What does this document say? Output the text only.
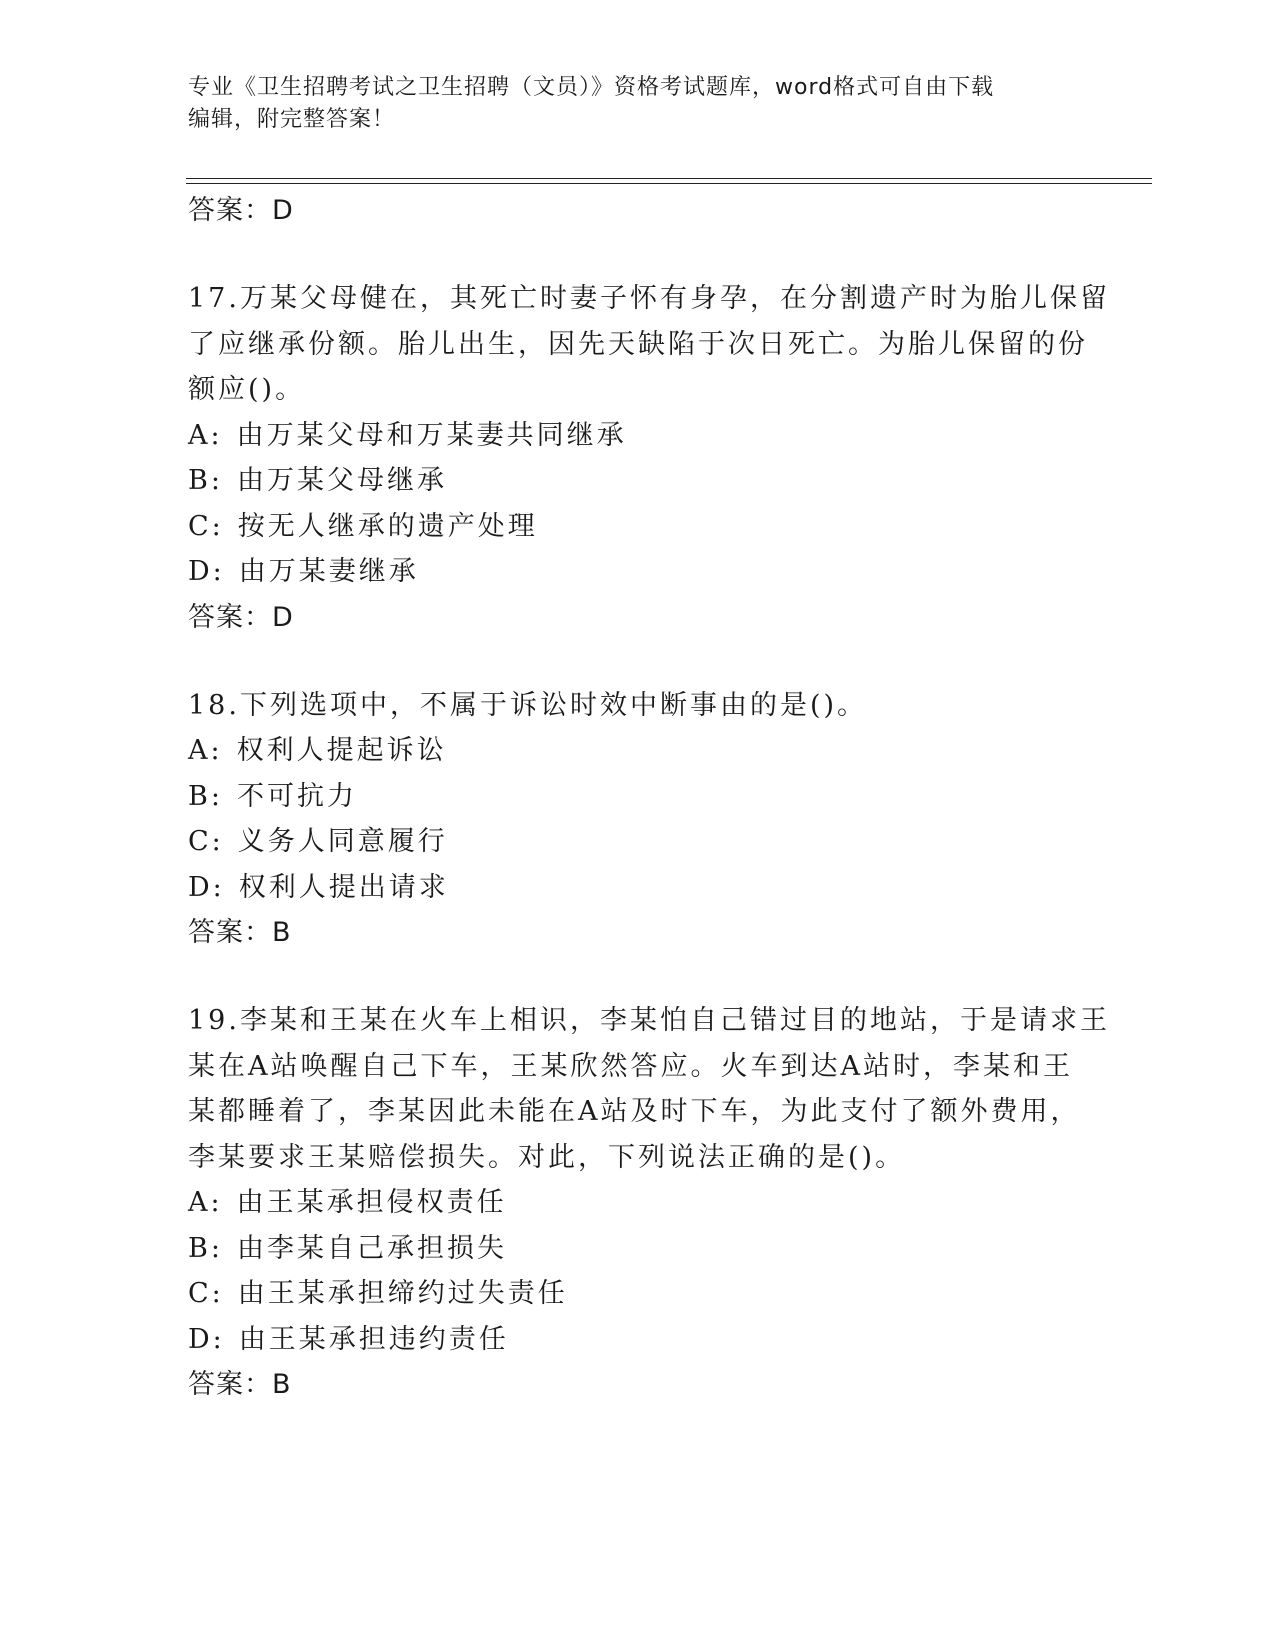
专业《卫生招聘考试之卫生招聘（文员）》资格考试题库，word格式可自由下载
编辑，附完整答案！
答案：D
17.万某父母健在，其死亡时妻子怀有身孕，在分割遗产时为胎儿保留
了应继承份额。胎儿出生，因先天缺陷于次日死亡。为胎儿保留的份
额应()。
A: 由万某父母和万某妻共同继承
B: 由万某父母继承
C: 按无人继承的遗产处理
D: 由万某妻继承
答案：D
18.下列选项中，不属于诉讼时效中断事由的是()。
A: 权利人提起诉讼
B: 不可抗力
C: 义务人同意履行
D: 权利人提出请求
答案：B
19.李某和王某在火车上相识，李某怕自己错过目的地站，于是请求王
某在A站唤醒自己下车，王某欣然答应。火车到达A站时，李某和王
某都睡着了，李某因此未能在A站及时下车，为此支付了额外费用，
李某要求王某赔偿损失。对此，下列说法正确的是()。
A: 由王某承担侵权责任
B: 由李某自己承担损失
C: 由王某承担缔约过失责任
D: 由王某承担违约责任
答案：B
